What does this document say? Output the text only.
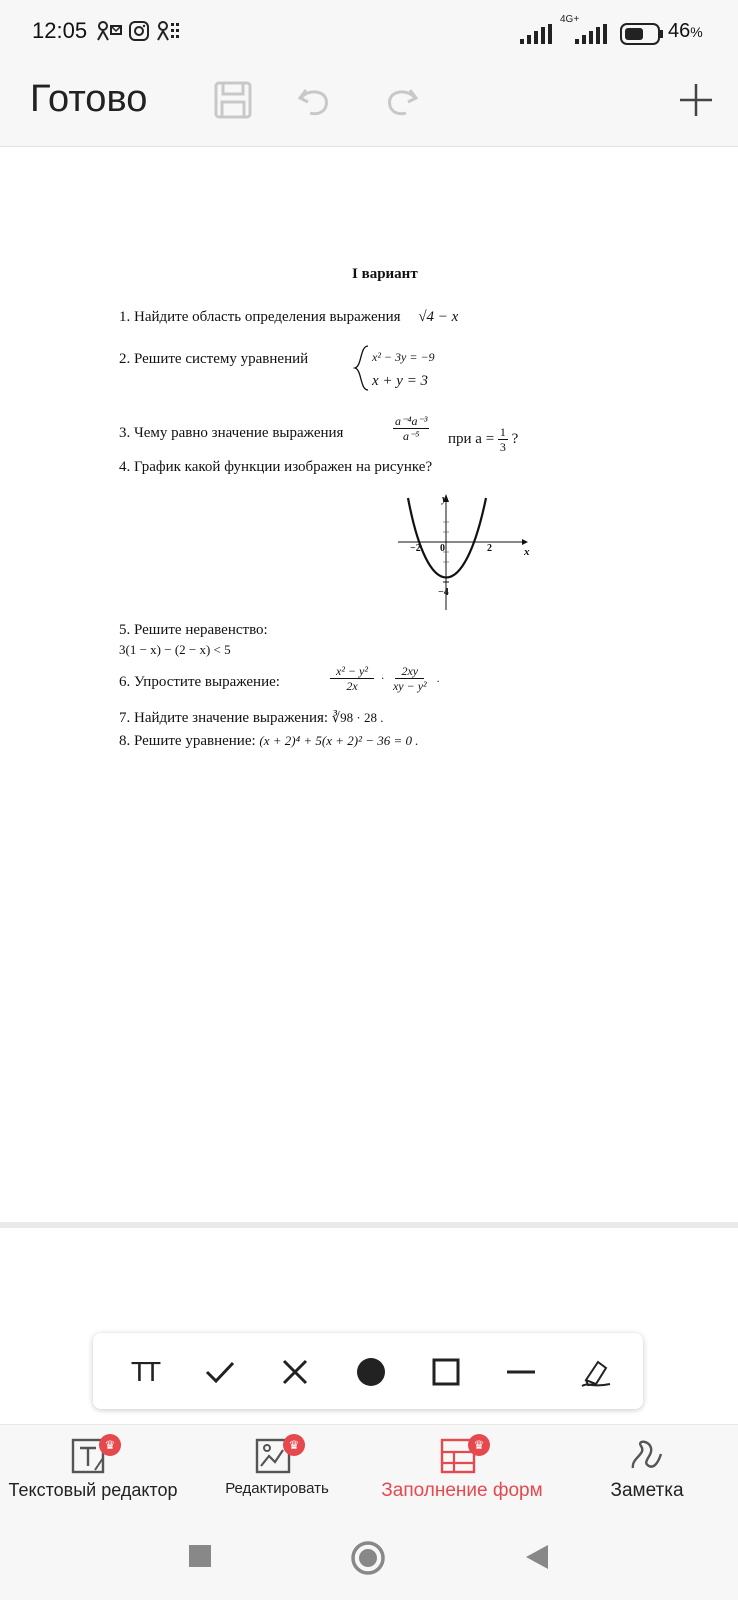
12:05	4G+
46%
Готово
I вариант
1. Найдите область определения выражения √4 − x
2. Решите систему уравнений	x² − 3y = −9
x + y = 3
3. Чему равно значение выражения	$\frac{\text{a⁻⁴a⁻³}}{\text{a⁻⁵}}$ при $a = \frac{1}{3}$ ?
4. График какой функции изображен на рисунке?
y
x
0
−2	2
−4
5. Решите неравенство:
3(1 − x) − (2 − x) < 5
6. Упростите выражение:	$\frac{\text{x² − y²}}{2x} \cdot \frac{2xy}{\text{xy − y²}}$ .
7. Найдите значение выражения: ∛98 · 28 .
8. Решите уравнение: (x + 2)⁴ + 5(x + 2)² − 36 = 0 .
TT
♛
Текстовый редактор
♛
Редактировать
♛
Заполнение форм	Заметка
